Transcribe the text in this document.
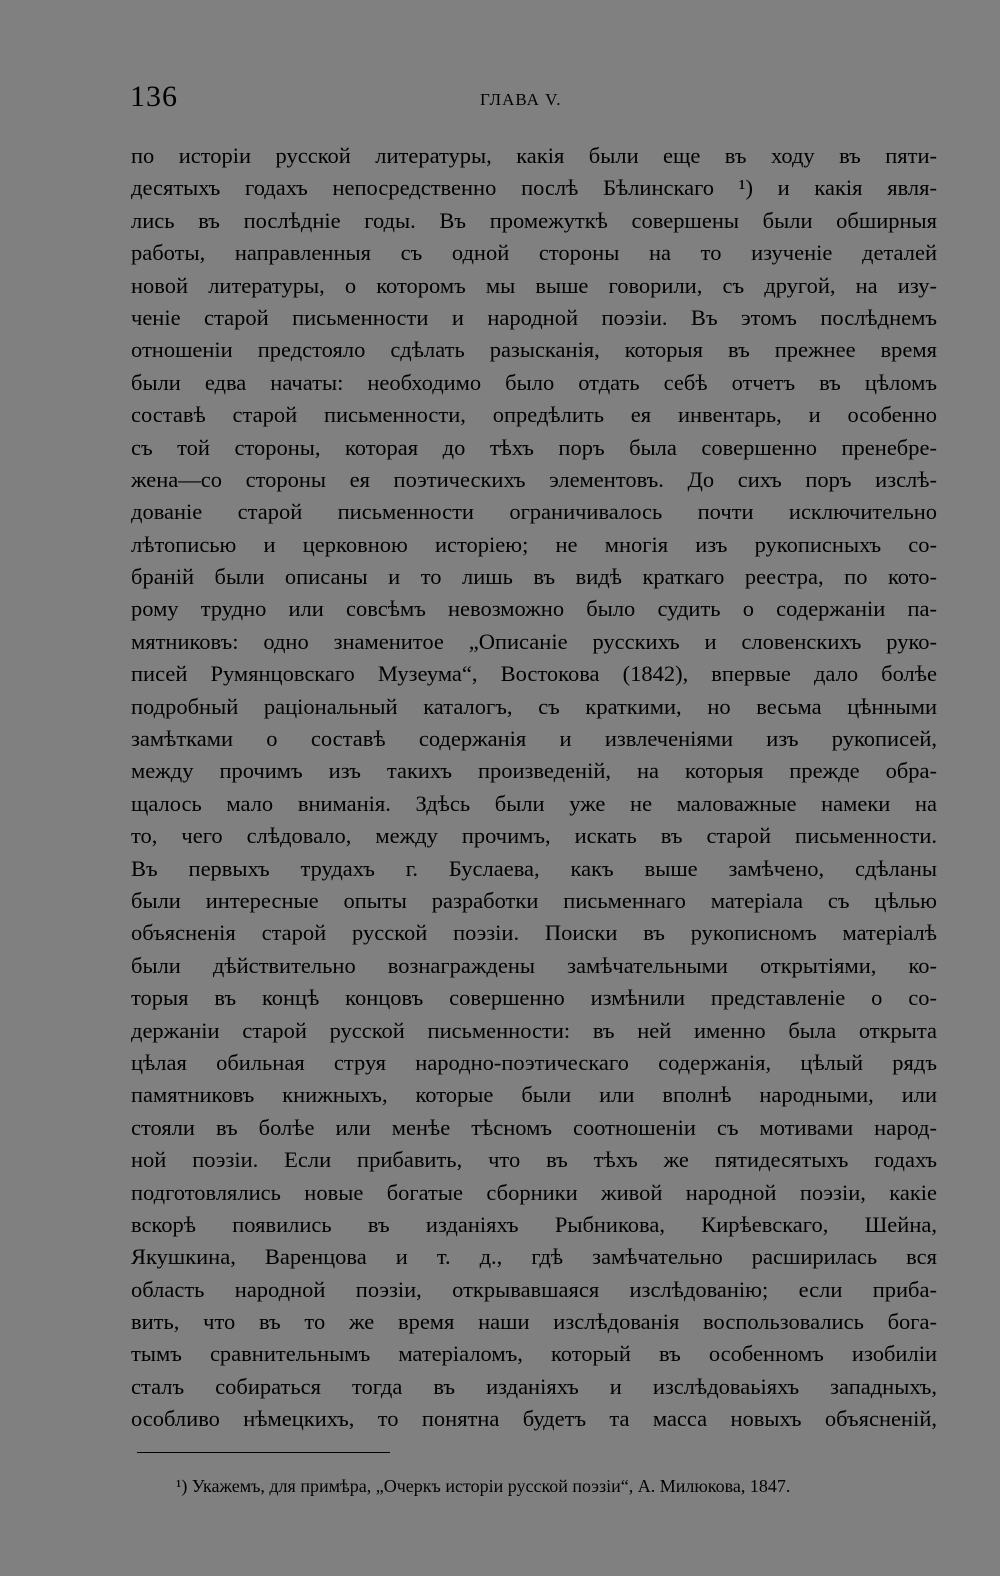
136	ГЛАВА V.
по исторіи русской литературы, какія были еще въ ходу въ пяти-
десятыхъ годахъ непосредственно послѣ Бѣлинскаго ¹) и какія явля-
лись въ послѣдніе годы. Въ промежуткѣ совершены были обширныя
работы, направленныя съ одной стороны на то изученіе деталей
новой литературы, о которомъ мы выше говорили, съ другой, на изу-
ченіе старой письменности и народной поэзіи. Въ этомъ послѣднемъ
отношеніи предстояло сдѣлать разысканія, которыя въ прежнее время
были едва начаты: необходимо было отдать себѣ отчетъ въ цѣломъ
составѣ старой письменности, опредѣлить ея инвентарь, и особенно
съ той стороны, которая до тѣхъ поръ была совершенно пренебре-
жена—со стороны ея поэтическихъ элементовъ. До сихъ поръ изслѣ-
дованіе старой письменности ограничивалось почти исключительно
лѣтописью и церковною исторіею; не многія изъ рукописныхъ со-
браній были описаны и то лишь въ видѣ краткаго реестра, по кото-
рому трудно или совсѣмъ невозможно было судить о содержаніи па-
мятниковъ: одно знаменитое „Описаніе русскихъ и словенскихъ руко-
писей Румянцовскаго Музеума“, Востокова (1842), впервые дало болѣе
подробный раціональный каталогъ, съ краткими, но весьма цѣнными
замѣтками о составѣ содержанія и извлеченіями изъ рукописей,
между прочимъ изъ такихъ произведеній, на которыя прежде обра-
щалось мало вниманія. Здѣсь были уже не маловажные намеки на
то, чего слѣдовало, между прочимъ, искать въ старой письменности.
Въ первыхъ трудахъ г. Буслаева, какъ выше замѣчено, сдѣланы
были интересные опыты разработки письменнаго матеріала съ цѣлью
объясненія старой русской поэзіи. Поиски въ рукописномъ матеріалѣ
были дѣйствительно вознаграждены замѣчательными открытіями, ко-
торыя въ концѣ концовъ совершенно измѣнили представленіе о со-
держаніи старой русской письменности: въ ней именно была открыта
цѣлая обильная струя народно-поэтическаго содержанія, цѣлый рядъ
памятниковъ книжныхъ, которые были или вполнѣ народными, или
стояли въ болѣе или менѣе тѣсномъ соотношеніи съ мотивами народ-
ной поэзіи. Если прибавить, что въ тѣхъ же пятидесятыхъ годахъ
подготовлялись новые богатые сборники живой народной поэзіи, какіе
вскорѣ появились въ изданіяхъ Рыбникова, Кирѣевскаго, Шейна,
Якушкина, Варенцова и т. д., гдѣ замѣчательно расширилась вся
область народной поэзіи, открывавшаяся изслѣдованію; если приба-
вить, что въ то же время наши изслѣдованія воспользовались бога-
тымъ сравнительнымъ матеріаломъ, который въ особенномъ изобиліи
сталъ собираться тогда въ изданіяхъ и изслѣдоваьіяхъ западныхъ,
особливо нѣмецкихъ, то понятна будетъ та масса новыхъ объясненій,
¹) Укажемъ, для примѣра, „Очеркъ исторіи русской поэзіи“, А. Милюкова, 1847.
